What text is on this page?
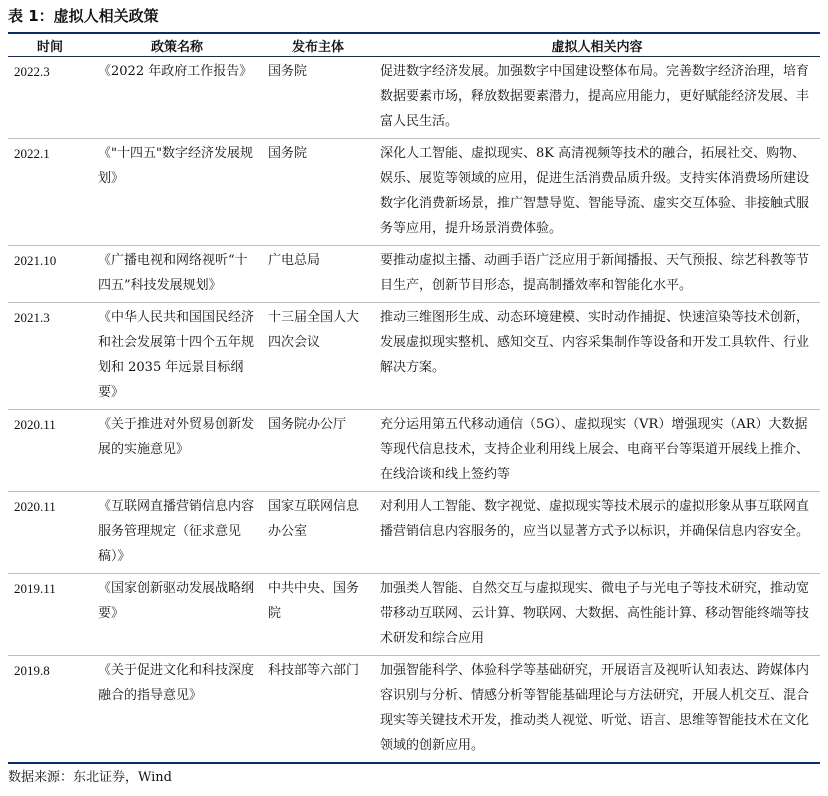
表 1：虚拟人相关政策
时间	政策名称	发布主体	虚拟人相关内容
2022.3	《2022 年政府工作报告》	国务院	促进数字经济发展。加强数字中国建设整体布局。完善数字经济治理，培育数据要素市场，释放数据要素潜力，提高应用能力，更好赋能经济发展、丰富人民生活。
2022.1	《"十四五"数字经济发展规划》	国务院	深化人工智能、虚拟现实、8K 高清视频等技术的融合，拓展社交、购物、娱乐、展览等领域的应用，促进生活消费品质升级。支持实体消费场所建设数字化消费新场景，推广智慧导览、智能导流、虚实交互体验、非接触式服务等应用，提升场景消费体验。
2021.10	《广播电视和网络视听“十四五”科技发展规划》	广电总局	要推动虚拟主播、动画手语广泛应用于新闻播报、天气预报、综艺科教等节目生产，创新节目形态，提高制播效率和智能化水平。
2021.3	《中华人民共和国国民经济和社会发展第十四个五年规划和 2035 年远景目标纲要》	十三届全国人大四次会议	推动三维图形生成、动态环境建模、实时动作捕捉、快速渲染等技术创新，发展虚拟现实整机、感知交互、内容采集制作等设备和开发工具软件、行业解决方案。
2020.11	《关于推进对外贸易创新发展的实施意见》	国务院办公厅	充分运用第五代移动通信（5G）、虚拟现实（VR）增强现实（AR）大数据等现代信息技术，支持企业利用线上展会、电商平台等渠道开展线上推介、在线洽谈和线上签约等
2020.11	《互联网直播营销信息内容服务管理规定（征求意见稿）》	国家互联网信息办公室	对利用人工智能、数字视觉、虚拟现实等技术展示的虚拟形象从事互联网直播营销信息内容服务的，应当以显著方式予以标识，并确保信息内容安全。
2019.11	《国家创新驱动发展战略纲要》	中共中央、国务院	加强类人智能、自然交互与虚拟现实、微电子与光电子等技术研究，推动宽带移动互联网、云计算、物联网、大数据、高性能计算、移动智能终端等技术研发和综合应用
2019.8	《关于促进文化和科技深度融合的指导意见》	科技部等六部门	加强智能科学、体验科学等基础研究，开展语言及视听认知表达、跨媒体内容识别与分析、情感分析等智能基础理论与方法研究，开展人机交互、混合现实等关键技术开发，推动类人视觉、听觉、语言、思维等智能技术在文化领域的创新应用。
数据来源：东北证券，Wind
